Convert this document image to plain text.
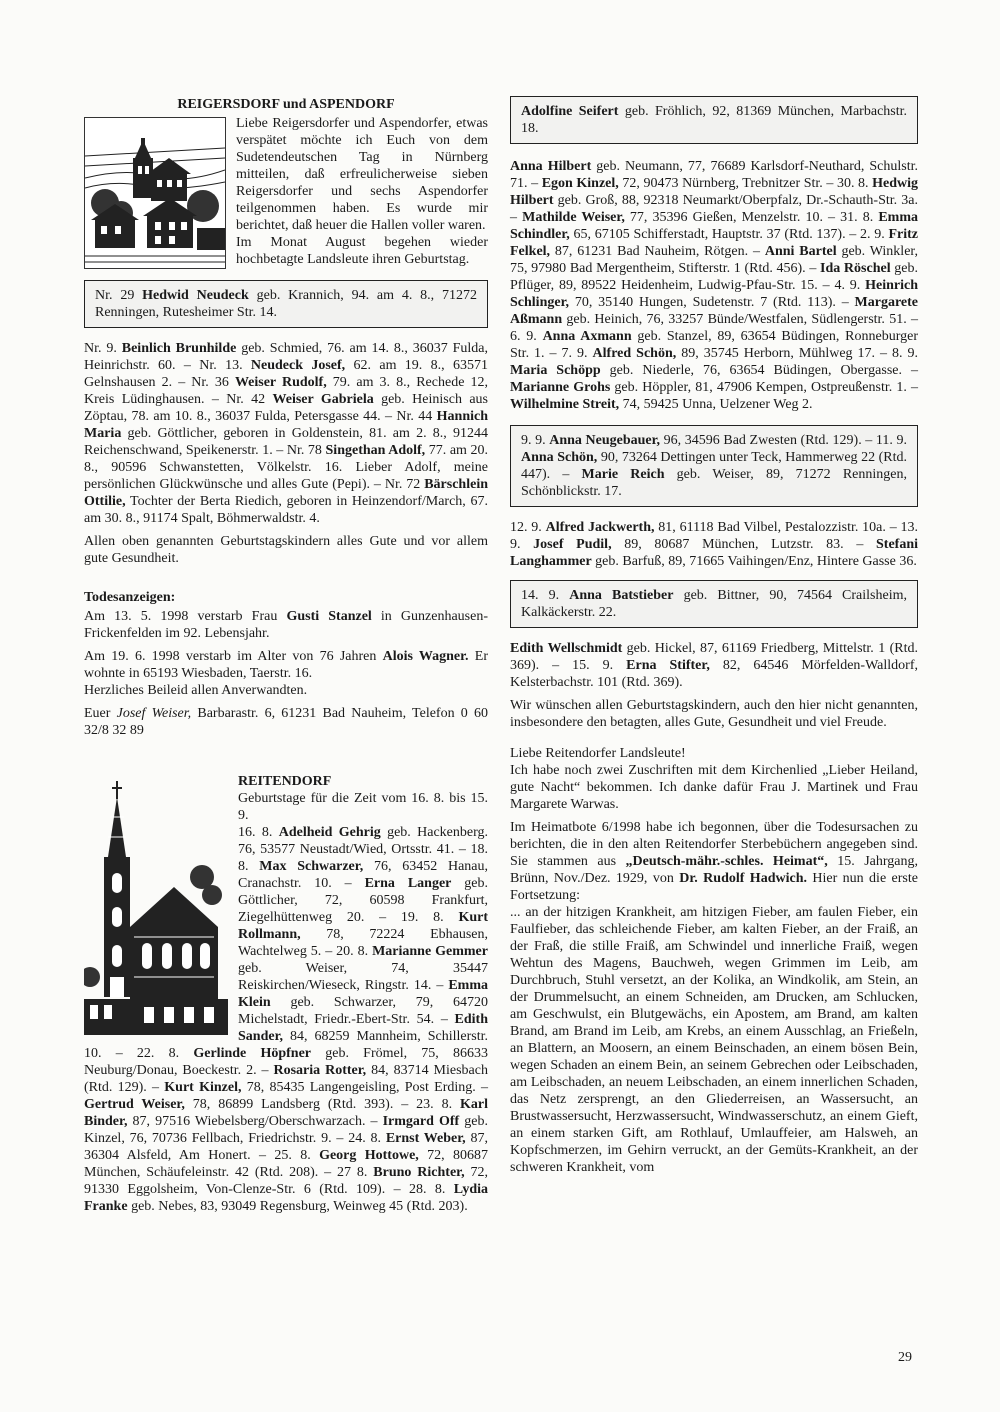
REIGERSDORF und ASPENDORF

Liebe Reigersdorfer und Aspendorfer, etwas verspätet möchte ich Euch von dem Sudetendeutschen Tag in Nürnberg mitteilen, daß erfreulicherweise sieben Reigersdorfer und sechs Aspendorfer teilgenommen haben. Es wurde mir berichtet, daß heuer die Hallen voller waren.

Im Monat August begehen wieder hochbetagte Landsleute ihren Geburtstag.

Nr. 29 Hedwid Neudeck geb. Krannich, 94. am 4. 8., 71272 Renningen, Rutesheimer Str. 14.

Nr. 9. Beinlich Brunhilde geb. Schmied, 76. am 14. 8., 36037 Fulda, Heinrichstr. 60. – Nr. 13. Neudeck Josef, 62. am 19. 8., 63571 Gelnshausen 2. – Nr. 36 Weiser Rudolf, 79. am 3. 8., Rechede 12, Kreis Lüdinghausen. – Nr. 42 Weiser Gabriela geb. Heinisch aus Zöptau, 78. am 10. 8., 36037 Fulda, Petersgasse 44. – Nr. 44 Hannich Maria geb. Göttlicher, geboren in Goldenstein, 81. am 2. 8., 91244 Reichenschwand, Speikenerstr. 1. – Nr. 78 Singethan Adolf, 77. am 20. 8., 90596 Schwanstetten, Völkelstr. 16. Lieber Adolf, meine persönlichen Glückwünsche und alles Gute (Pepi). – Nr. 72 Bärschlein Ottilie, Tochter der Berta Riedich, geboren in Heinzendorf/March, 67. am 30. 8., 91174 Spalt, Böhmerwaldstr. 4.

Allen oben genannten Geburtstagskindern alles Gute und vor allem gute Gesundheit.

Todesanzeigen:

Am 13. 5. 1998 verstarb Frau Gusti Stanzel in Gunzenhausen-Frickenfelden im 92. Lebensjahr.

Am 19. 6. 1998 verstarb im Alter von 76 Jahren Alois Wagner. Er wohnte in 65193 Wiesbaden, Taerstr. 16.

Herzliches Beileid allen Anverwandten.

Euer Josef Weiser, Barbarastr. 6, 61231 Bad Nauheim, Telefon 0 60 32/8 32 89

REITENDORF

Geburtstage für die Zeit vom 16. 8. bis 15. 9.

16. 8. Adelheid Gehrig geb. Hackenberg. 76, 53577 Neustadt/Wied, Ortsstr. 41. – 18. 8. Max Schwarzer, 76, 63452 Hanau, Cranachstr. 10. – Erna Langer geb. Göttlicher, 72, 60598 Frankfurt, Ziegelhüttenweg 20. – 19. 8. Kurt Rollmann, 78, 72224 Ebhausen, Wachtelweg 5. – 20. 8. Marianne Gemmer geb. Weiser, 74, 35447 Reiskirchen/Wieseck, Ringstr. 14. – Emma Klein geb. Schwarzer, 79, 64720 Michelstadt, Friedr.-Ebert-Str. 54. – Edith Sander, 84, 68259 Mannheim, Schillerstr. 10. – 22. 8. Gerlinde Höpfner geb. Frömel, 75, 86633 Neuburg/Donau, Boeckestr. 2. – Rosaria Rotter, 84, 83714 Miesbach (Rtd. 129). – Kurt Kinzel, 78, 85435 Langengeisling, Post Erding. – Gertrud Weiser, 78, 86899 Landsberg (Rtd. 393). – 23. 8. Karl Binder, 87, 97516 Wiebelsberg/Oberschwarzach. – Irmgard Off geb. Kinzel, 76, 70736 Fellbach, Friedrichstr. 9. – 24. 8. Ernst Weber, 87, 36304 Alsfeld, Am Honert. – 25. 8. Georg Hottowe, 72, 80687 München, Schäufeleinstr. 42 (Rtd. 208). – 27 8. Bruno Richter, 72, 91330 Eggolsheim, Von-Clenze-Str. 6 (Rtd. 109). – 28. 8. Lydia Franke geb. Nebes, 83, 93049 Regensburg, Weinweg 45 (Rtd. 203).

Adolfine Seifert geb. Fröhlich, 92, 81369 München, Marbachstr. 18.

Anna Hilbert geb. Neumann, 77, 76689 Karlsdorf-Neuthard, Schulstr. 71. – Egon Kinzel, 72, 90473 Nürnberg, Trebnitzer Str. – 30. 8. Hedwig Hilbert geb. Groß, 88, 92318 Neumarkt/Oberpfalz, Dr.-Schauth-Str. 3a. – Mathilde Weiser, 77, 35396 Gießen, Menzelstr. 10. – 31. 8. Emma Schindler, 65, 67105 Schifferstadt, Hauptstr. 37 (Rtd. 137). – 2. 9. Fritz Felkel, 87, 61231 Bad Nauheim, Rötgen. – Anni Bartel geb. Winkler, 75, 97980 Bad Mergentheim, Stifterstr. 1 (Rtd. 456). – Ida Röschel geb. Pflüger, 89, 89522 Heidenheim, Ludwig-Pfau-Str. 15. – 4. 9. Heinrich Schlinger, 70, 35140 Hungen, Sudetenstr. 7 (Rtd. 113). – Margarete Aßmann geb. Heinich, 76, 33257 Bünde/Westfalen, Südlengerstr. 51. – 6. 9. Anna Axmann geb. Stanzel, 89, 63654 Büdingen, Ronneburger Str. 1. – 7. 9. Alfred Schön, 89, 35745 Herborn, Mühlweg 17. – 8. 9. Maria Schöpp geb. Niederle, 76, 63654 Büdingen, Obergasse. – Marianne Grohs geb. Höppler, 81, 47906 Kempen, Ostpreußenstr. 1. – Wilhelmine Streit, 74, 59425 Unna, Uelzener Weg 2.

9. 9. Anna Neugebauer, 96, 34596 Bad Zwesten (Rtd. 129). – 11. 9. Anna Schön, 90, 73264 Dettingen unter Teck, Hammerweg 22 (Rtd. 447). – Marie Reich geb. Weiser, 89, 71272 Renningen, Schönblickstr. 17.

12. 9. Alfred Jackwerth, 81, 61118 Bad Vilbel, Pestalozzistr. 10a. – 13. 9. Josef Pudil, 89, 80687 München, Lutzstr. 83. – Stefani Langhammer geb. Barfuß, 89, 71665 Vaihingen/Enz, Hintere Gasse 36.

14. 9. Anna Batstieber geb. Bittner, 90, 74564 Crailsheim, Kalkäckerstr. 22.

Edith Wellschmidt geb. Hickel, 87, 61169 Friedberg, Mittelstr. 1 (Rtd. 369). – 15. 9. Erna Stifter, 82, 64546 Mörfelden-Walldorf, Kelsterbachstr. 101 (Rtd. 369).

Wir wünschen allen Geburtstagskindern, auch den hier nicht genannten, insbesondere den betagten, alles Gute, Gesundheit und viel Freude.

Liebe Reitendorfer Landsleute!

Ich habe noch zwei Zuschriften mit dem Kirchenlied „Lieber Heiland, gute Nacht“ bekommen. Ich danke dafür Frau J. Martinek und Frau Margarete Warwas.

Im Heimatbote 6/1998 habe ich begonnen, über die Todesursachen zu berichten, die in den alten Reitendorfer Sterbebüchern angegeben sind. Sie stammen aus „Deutsch-mähr.-schles. Heimat“, 15. Jahrgang, Brünn, Nov./Dez. 1929, von Dr. Rudolf Hadwich. Hier nun die erste Fortsetzung:

... an der hitzigen Krankheit, am hitzigen Fieber, am faulen Fieber, ein Faulfieber, das schleichende Fieber, am kalten Fieber, an der Fraiß, an der Fraß, die stille Fraiß, am Schwindel und innerliche Fraiß, wegen Wehtun des Magens, Bauchweh, wegen Grimmen im Leib, am Durchbruch, Stuhl versetzt, an der Kolika, an Windkolik, am Stein, an der Drummelsucht, an einem Schneiden, am Drucken, am Schlucken, am Geschwulst, ein Blutgewächs, ein Apostem, am Brand, am kalten Brand, am Brand im Leib, am Krebs, an einem Ausschlag, an Frießeln, an Blattern, an Moosern, an einem Beinschaden, an einem bösen Bein, wegen Schaden an einem Bein, an seinem Gebrechen oder Leibschaden, am Leibschaden, an neuem Leibschaden, an einem innerlichen Schaden, das Netz zersprengt, an den Gliederreisen, an Wassersucht, an Brustwassersucht, Herzwassersucht, Windwasserschutz, an einem Gieft, an einem starken Gift, am Rothlauf, Umlauffeier, am Halsweh, an Kopfschmerzen, im Gehirn verruckt, an der Gemüts-Krankheit, an der schweren Krankheit, vom

29
